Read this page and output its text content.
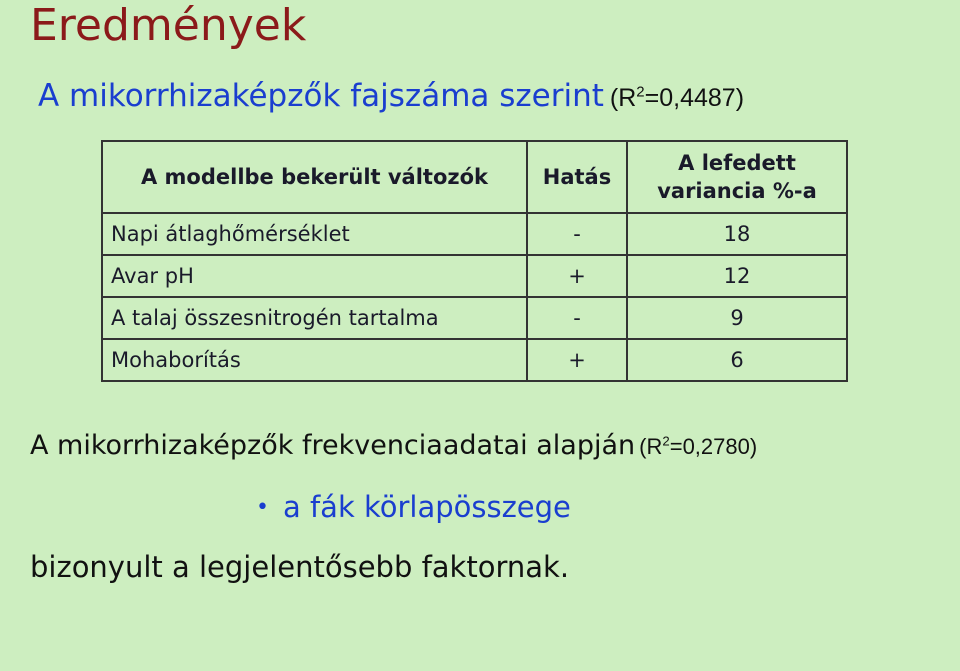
Eredmények
A mikorrhizaképzők fajszáma szerint $(R^2=0,4487)$
A modellbe bekerült változók	Hatás	A lefedett
variancia %-a
Napi átlaghőmérséklet	-	18
Avar pH	+	12
A talaj összesnitrogén tartalma	-	9
Mohaborítás	+	6
A mikorrhizaképzők frekvenciaadatai alapján $(R^2=0,2780)$
• a fák körlapösszege
bizonyult a legjelentősebb faktornak.
